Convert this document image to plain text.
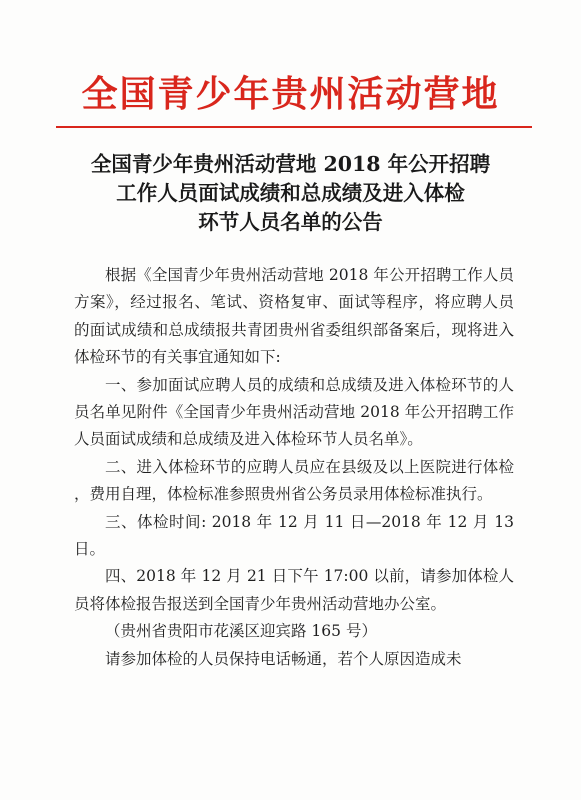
全国青少年贵州活动营地
全国青少年贵州活动营地 2018 年公开招聘
工作人员面试成绩和总成绩及进入体检
环节人员名单的公告

根据《全国青少年贵州活动营地 2018 年公开招聘工作人员方案》，经过报名、笔试、资格复审、面试等程序，将应聘人员的面试成绩和总成绩报共青团贵州省委组织部备案后，现将进入体检环节的有关事宜通知如下:

一、参加面试应聘人员的成绩和总成绩及进入体检环节的人员名单见附件《全国青少年贵州活动营地 2018 年公开招聘工作人员面试成绩和总成绩及进入体检环节人员名单》。

二、进入体检环节的应聘人员应在县级及以上医院进行体检，费用自理，体检标准参照贵州省公务员录用体检标准执行。

三、体检时间: 2018 年 12 月 11 日—2018 年 12 月 13 日。

四、2018 年 12 月 21 日下午 17:00 以前，请参加体检人员将体检报告报送到全国青少年贵州活动营地办公室。

（贵州省贵阳市花溪区迎宾路 165 号）

请参加体检的人员保持电话畅通，若个人原因造成未
